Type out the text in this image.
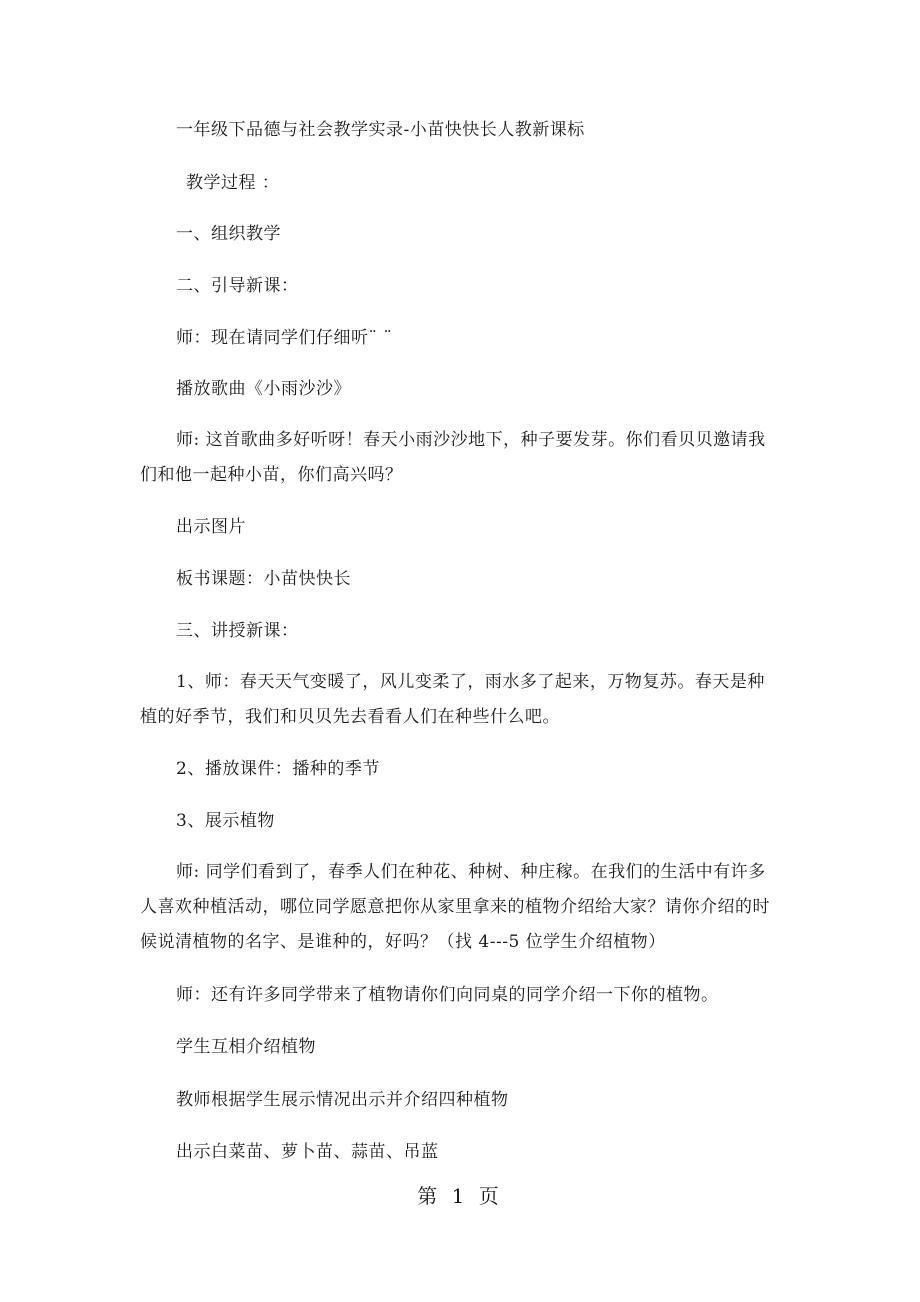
一年级下品德与社会教学实录-小苗快快长人教新课标
教学过程 ：
一、组织教学
二、引导新课：
师：现在请同学们仔细听¨ ¨
播放歌曲《小雨沙沙》
师: 这首歌曲多好听呀！春天小雨沙沙地下，种子要发芽。你们看贝贝邀请我们和他一起种小苗，你们高兴吗？
出示图片
板书课题：小苗快快长
三、讲授新课：
1、师：春天天气变暖了，风儿变柔了，雨水多了起来，万物复苏。春天是种植的好季节，我们和贝贝先去看看人们在种些什么吧。
2、播放课件：播种的季节
3、展示植物
师: 同学们看到了，春季人们在种花、种树、种庄稼。在我们的生活中有许多人喜欢种植活动，哪位同学愿意把你从家里拿来的植物介绍给大家？请你介绍的时候说清植物的名字、是谁种的，好吗？（找 4---5 位学生介绍植物）
师：还有许多同学带来了植物请你们向同桌的同学介绍一下你的植物。
学生互相介绍植物
教师根据学生展示情况出示并介绍四种植物
出示白菜苗、萝卜苗、蒜苗、吊蓝
第 1 页
